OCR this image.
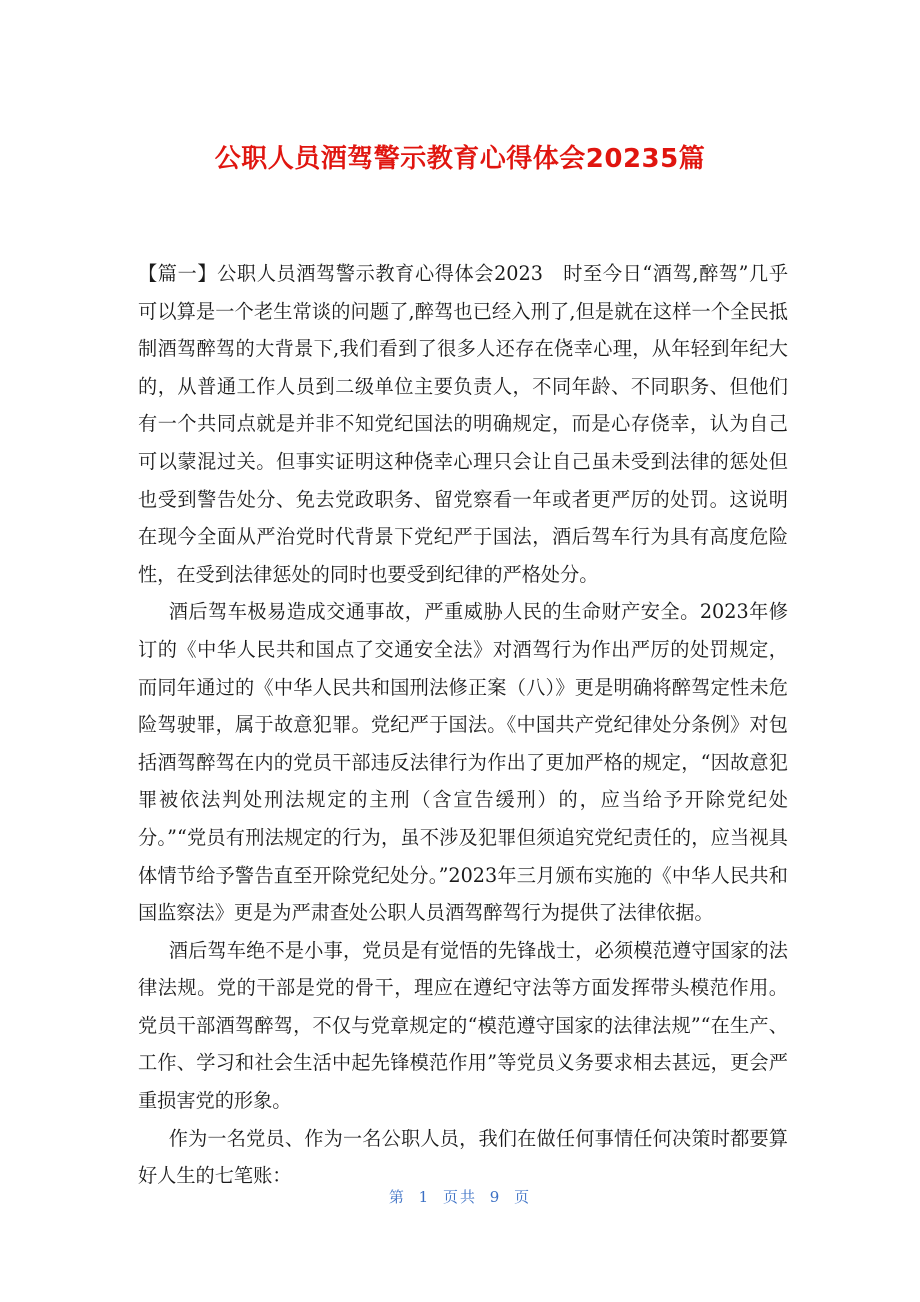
公职人员酒驾警示教育心得体会20235篇

【篇一】公职人员酒驾警示教育心得体会2023　时至今日“酒驾,醉驾”几乎可以算是一个老生常谈的问题了,醉驾也已经入刑了,但是就在这样一个全民抵制酒驾醉驾的大背景下,我们看到了很多人还存在侥幸心理，从年轻到年纪大的，从普通工作人员到二级单位主要负责人，不同年龄、不同职务、但他们有一个共同点就是并非不知党纪国法的明确规定，而是心存侥幸，认为自己可以蒙混过关。但事实证明这种侥幸心理只会让自己虽未受到法律的惩处但也受到警告处分、免去党政职务、留党察看一年或者更严厉的处罚。这说明在现今全面从严治党时代背景下党纪严于国法，酒后驾车行为具有高度危险性，在受到法律惩处的同时也要受到纪律的严格处分。

酒后驾车极易造成交通事故，严重威胁人民的生命财产安全。2023年修订的《中华人民共和国点了交通安全法》对酒驾行为作出严厉的处罚规定，而同年通过的《中华人民共和国刑法修正案（八）》更是明确将醉驾定性未危险驾驶罪，属于故意犯罪。党纪严于国法。《中国共产党纪律处分条例》对包括酒驾醉驾在内的党员干部违反法律行为作出了更加严格的规定，“因故意犯罪被依法判处刑法规定的主刑（含宣告缓刑）的，应当给予开除党纪处分。”“党员有刑法规定的行为，虽不涉及犯罪但须追究党纪责任的，应当视具体情节给予警告直至开除党纪处分。”2023年三月颁布实施的《中华人民共和国监察法》更是为严肃查处公职人员酒驾醉驾行为提供了法律依据。

酒后驾车绝不是小事，党员是有觉悟的先锋战士，必须模范遵守国家的法律法规。党的干部是党的骨干，理应在遵纪守法等方面发挥带头模范作用。党员干部酒驾醉驾，不仅与党章规定的“模范遵守国家的法律法规”“在生产、工作、学习和社会生活中起先锋模范作用”等党员义务要求相去甚远，更会严重损害党的形象。

作为一名党员、作为一名公职人员，我们在做任何事情任何决策时都要算好人生的七笔账：

第 1 页共 9 页
